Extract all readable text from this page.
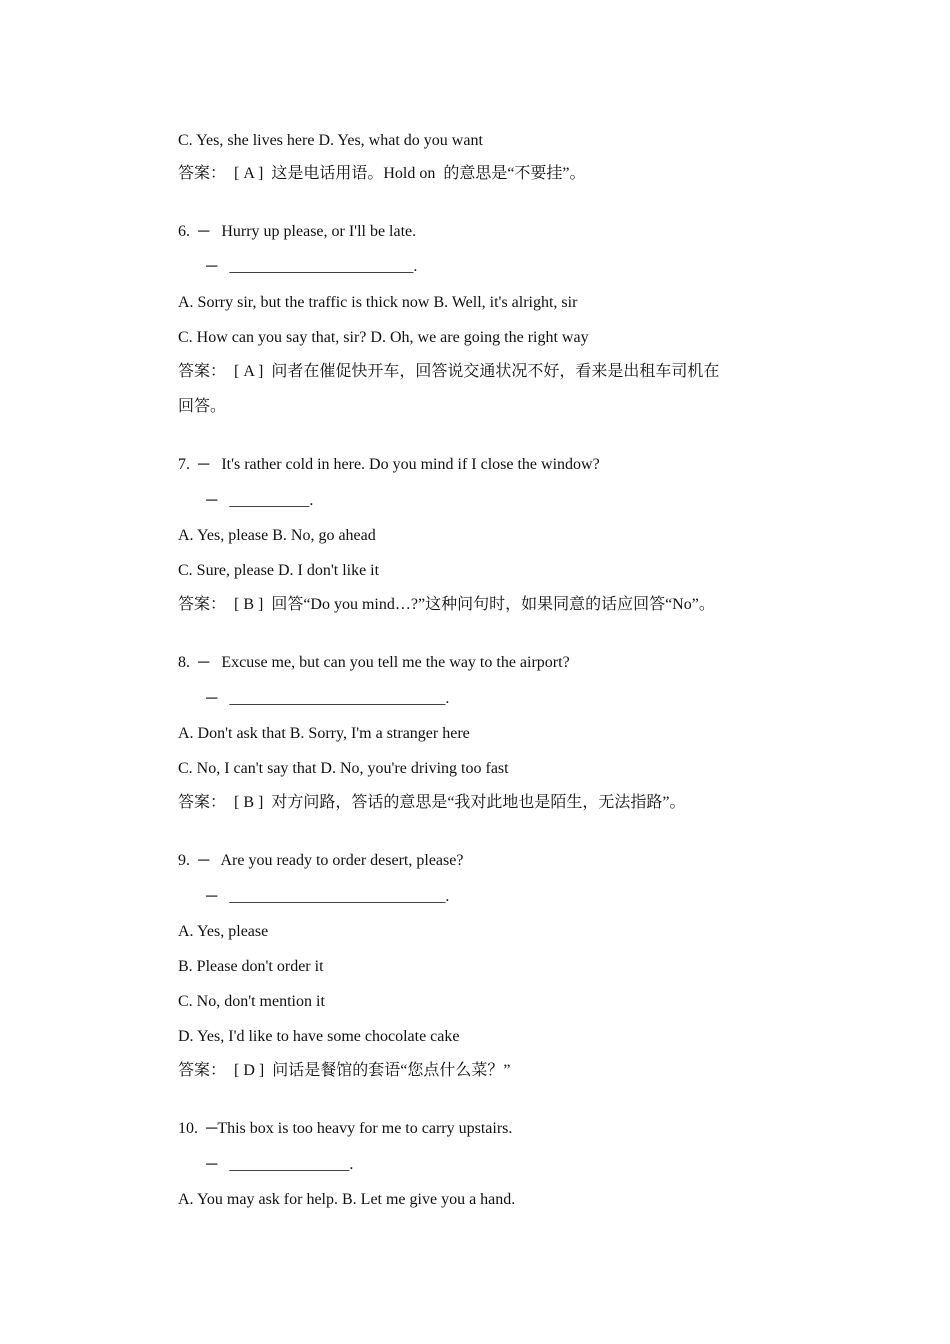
C. Yes, she lives here D. Yes, what do you want
答案：  [ A ]  这是电话用语。Hold on  的意思是“不要挂”。
6.  ─   Hurry up please, or I'll be late.
─   _______________________.
A. Sorry sir, but the traffic is thick now B. Well, it's alright, sir
C. How can you say that, sir? D. Oh, we are going the right way
答案：  [ A ]  问者在催促快开车，回答说交通状况不好，看来是出租车司机在
回答。
7.  ─   It's rather cold in here. Do you mind if I close the window?
─   __________.
A. Yes, please B. No, go ahead
C. Sure, please D. I don't like it
答案：  [ B ]  回答“Do you mind…?”这种问句时，如果同意的话应回答“No”。
8.  ─   Excuse me, but can you tell me the way to the airport?
─   ___________________________.
A. Don't ask that B. Sorry, I'm a stranger here
C. No, I can't say that D. No, you're driving too fast
答案：  [ B ]  对方问路，答话的意思是“我对此地也是陌生，无法指路”。
9.  ─   Are you ready to order desert, please?
─   ___________________________.
A. Yes, please
B. Please don't order it
C. No, don't mention it
D. Yes, I'd like to have some chocolate cake
答案：  [ D ]  问话是餐馆的套语“您点什么菜？”
10.  ─This box is too heavy for me to carry upstairs.
─   _______________.
A. You may ask for help. B. Let me give you a hand.
